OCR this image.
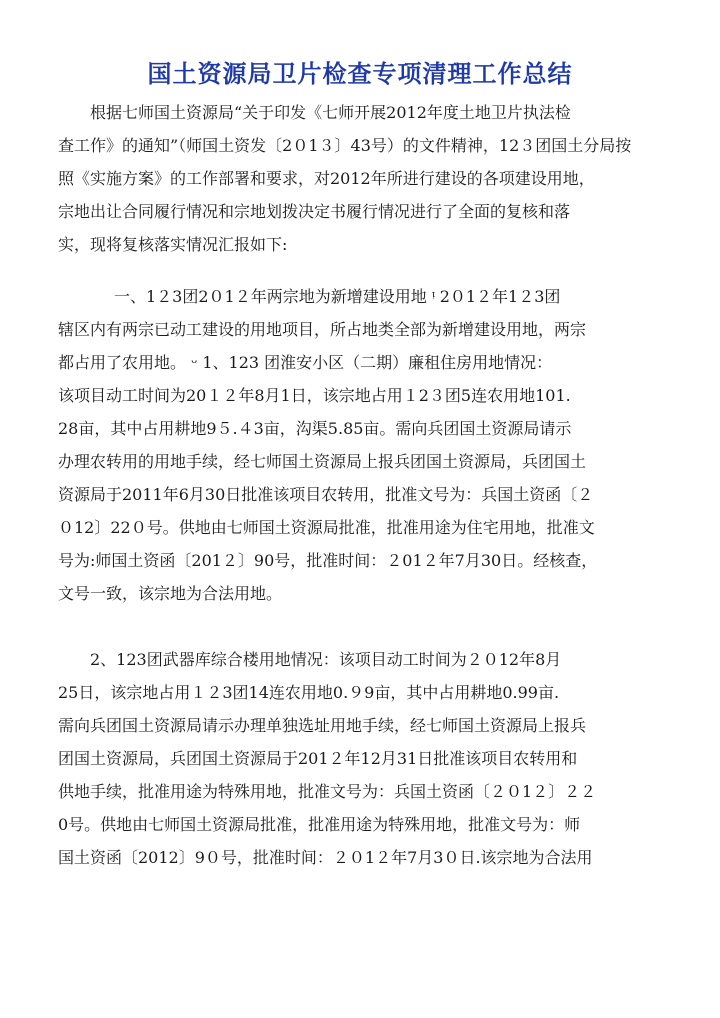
国土资源局卫片检查专项清理工作总结
根据七师国土资源局“关于印发《七师开展2012年度土地卫片执法检
查工作》的通知”（师国土资发〔2０1３〕43号）的文件精神，12３团国土分局按
照《实施方案》的工作部署和要求，对2012年所进行建设的各项建设用地，
宗地出让合同履行情况和宗地划拨决定书履行情况进行了全面的复核和落
实，现将复核落实情况汇报如下:
一、1２3团2０1２年两宗地为新增建设用地 ᵎ 2０1２年1２3团
辖区内有两宗已动工建设的用地项目，所占地类全部为新增建设用地，两宗
都占用了农用地。 ᵕ 1、123 团淮安小区（二期）廉租住房用地情况：
该项目动工时间为20１２年8月1日，该宗地占用１2３团5连农用地101.
28亩，其中占用耕地9５.４3亩，沟渠5.85亩。需向兵团国土资源局请示
办理农转用的用地手续，经七师国土资源局上报兵团国土资源局，兵团国土
资源局于2011年6月30日批准该项目农转用，批准文号为：兵国土资函〔２
０12〕22０号。供地由七师国土资源局批准，批准用途为住宅用地，批准文
号为:师国土资函〔201２〕90号，批准时间：２01２年7月30日。经核查，
文号一致，该宗地为合法用地。
2、123团武器库综合楼用地情况：该项目动工时间为２０12年8月
25日，该宗地占用１２3团14连农用地0.９9亩，其中占用耕地0.99亩.
需向兵团国土资源局请示办理单独选址用地手续，经七师国土资源局上报兵
团国土资源局，兵团国土资源局于201２年12月31日批准该项目农转用和
供地手续，批准用途为特殊用地，批准文号为：兵国土资函〔２０1２〕２２
0号。供地由七师国土资源局批准，批准用途为特殊用地，批准文号为：师
国土资函〔2012〕9０号，批准时间：２０1２年7月3０日.该宗地为合法用
